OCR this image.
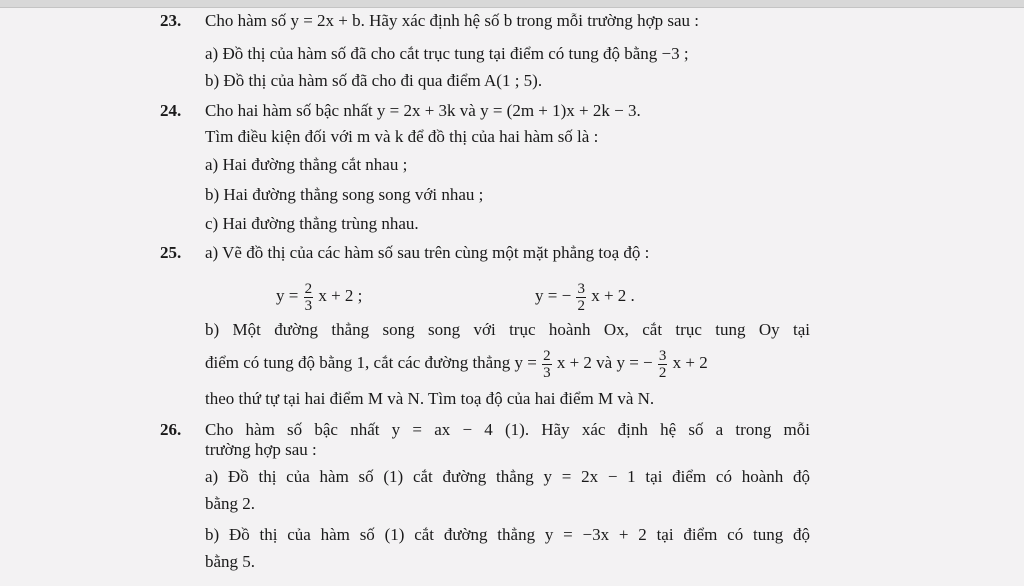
23. Cho hàm số y = 2x + b. Hãy xác định hệ số b trong mỗi trường hợp sau :
a) Đồ thị của hàm số đã cho cắt trục tung tại điểm có tung độ bằng −3 ;
b) Đồ thị của hàm số đã cho đi qua điểm A(1 ; 5).
24. Cho hai hàm số bậc nhất y = 2x + 3k và y = (2m + 1)x + 2k − 3.
Tìm điều kiện đối với m và k để đồ thị của hai hàm số là :
a) Hai đường thẳng cắt nhau ;
b) Hai đường thẳng song song với nhau ;
c) Hai đường thẳng trùng nhau.
25. a) Vẽ đồ thị của các hàm số sau trên cùng một mặt phẳng toạ độ :
$y = \frac{2}{3}$ x + 2 ;	y = − $\frac{3}{2}$ x + 2 .
b) Một đường thẳng song song với trục hoành Ox, cắt trục tung Oy tại
điểm có tung độ bằng 1, cắt các đường thẳng $y = \frac{2}{3}$ x + 2 và y = − $\frac{3}{2}$ x + 2
theo thứ tự tại hai điểm M và N. Tìm toạ độ của hai điểm M và N.
26. Cho hàm số bậc nhất y = ax − 4 (1). Hãy xác định hệ số a trong mỗi
trường hợp sau :
a) Đồ thị của hàm số (1) cắt đường thẳng y = 2x − 1 tại điểm có hoành độ
bằng 2.
b) Đồ thị của hàm số (1) cắt đường thẳng y = −3x + 2 tại điểm có tung độ
bằng 5.
